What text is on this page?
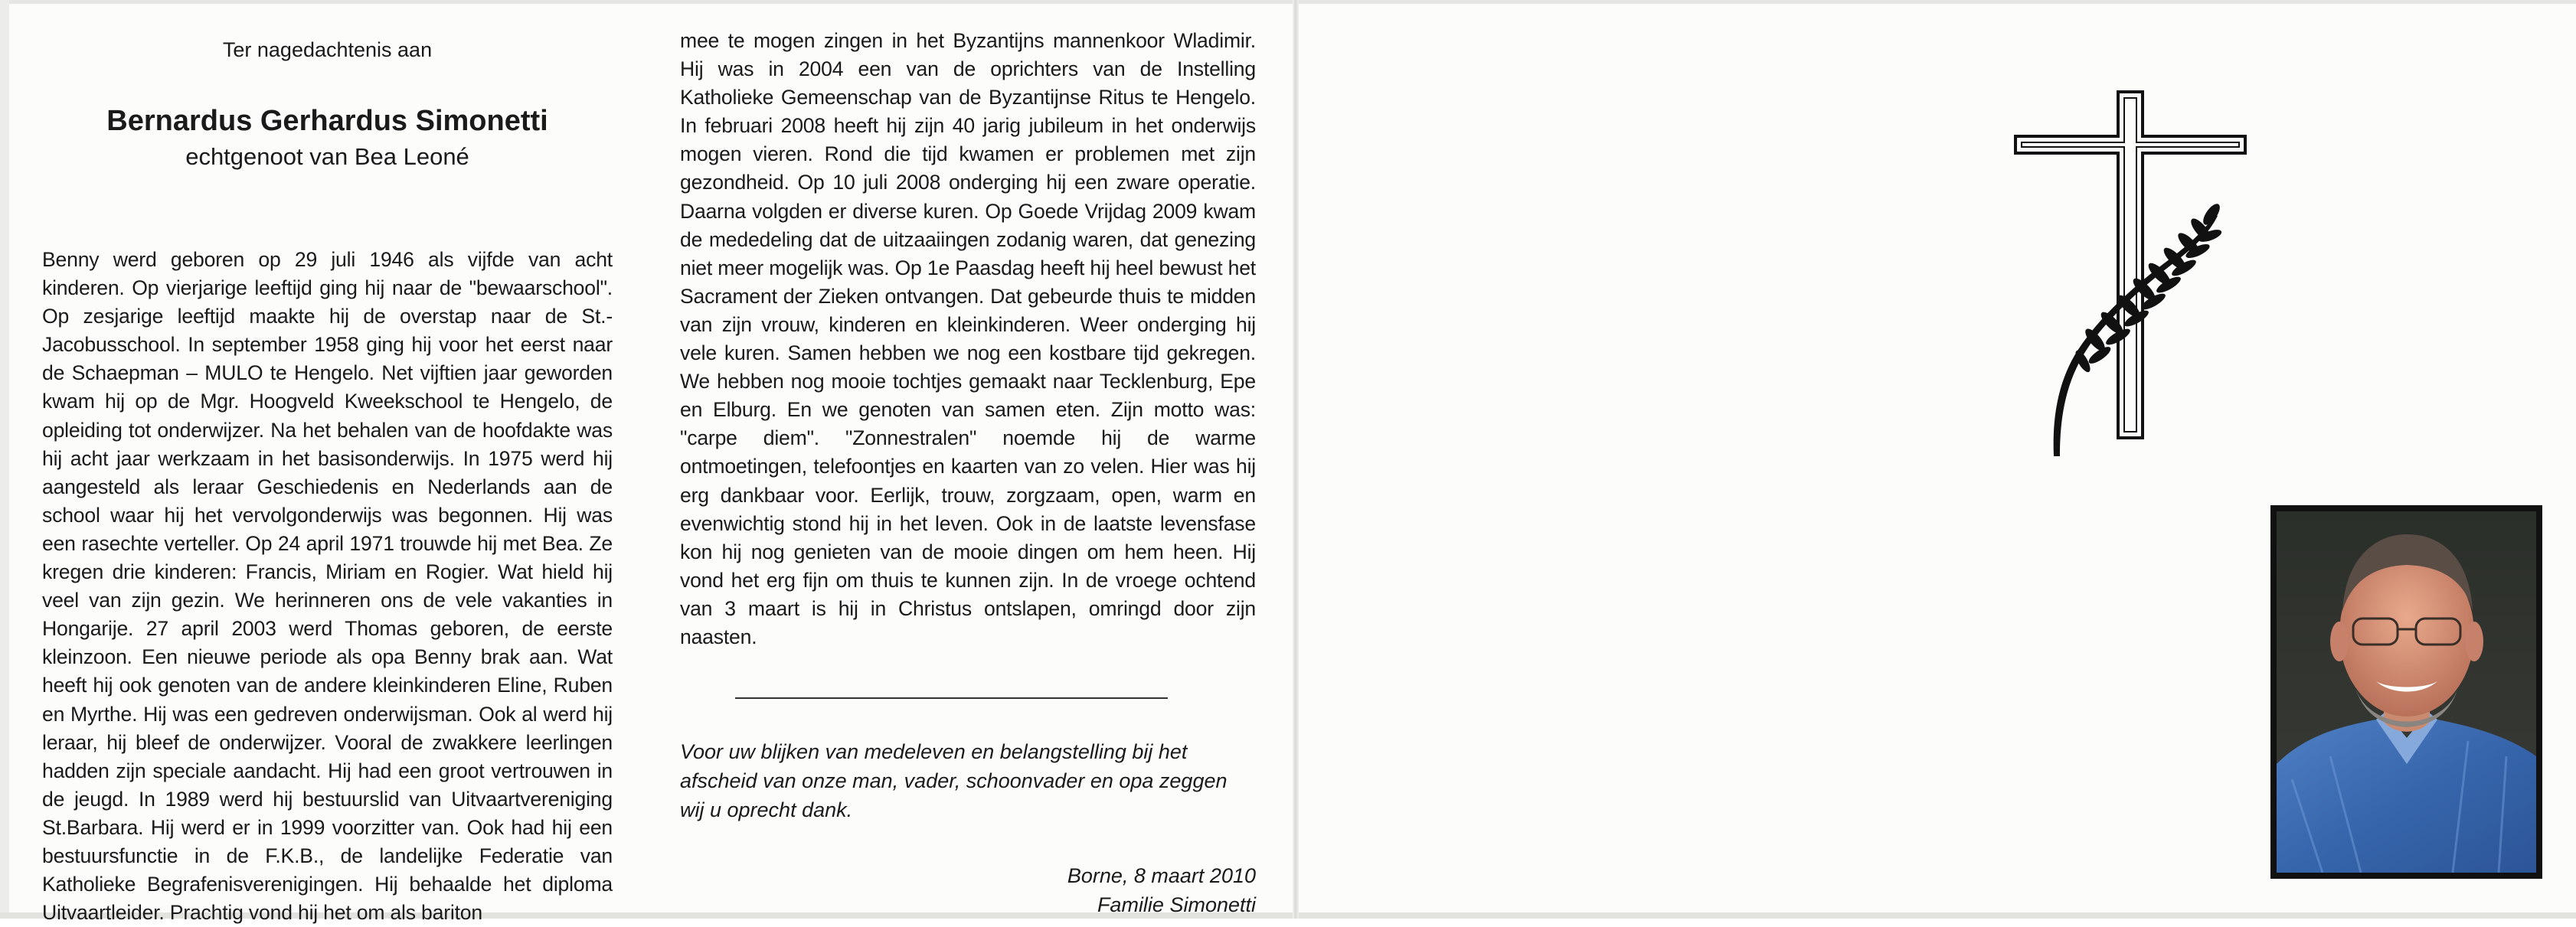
Ter nagedachtenis aan

Bernardus Gerhardus Simonetti

echtgenoot van Bea Leoné

Benny werd geboren op 29 juli 1946 als vijfde van acht kinderen. Op vierjarige leeftijd ging hij naar de "bewaarschool". Op zesjarige leeftijd maakte hij de overstap naar de St.-Jacobusschool. In september 1958 ging hij voor het eerst naar de Schaepman – MULO te Hengelo. Net vijftien jaar geworden kwam hij op de Mgr. Hoogveld Kweekschool te Hengelo, de opleiding tot onderwijzer. Na het behalen van de hoofdakte was hij acht jaar werkzaam in het basisonderwijs. In 1975 werd hij aangesteld als leraar Geschiedenis en Nederlands aan de school waar hij het vervolgonderwijs was begonnen. Hij was een rasechte verteller. Op 24 april 1971 trouwde hij met Bea. Ze kregen drie kinderen: Francis, Miriam en Rogier. Wat hield hij veel van zijn gezin. We herinneren ons de vele vakanties in Hongarije. 27 april 2003 werd Thomas geboren, de eerste kleinzoon. Een nieuwe periode als opa Benny brak aan. Wat heeft hij ook genoten van de andere kleinkinderen Eline, Ruben en Myrthe. Hij was een gedreven onderwijsman. Ook al werd hij leraar, hij bleef de onderwijzer. Vooral de zwakkere leerlingen hadden zijn speciale aandacht. Hij had een groot vertrouwen in de jeugd. In 1989 werd hij bestuurslid van Uitvaartvereniging St.Barbara. Hij werd er in 1999 voorzitter van. Ook had hij een bestuursfunctie in de F.K.B., de landelijke Federatie van Katholieke Begrafenisverenigingen. Hij behaalde het diploma Uitvaartleider. Prachtig vond hij het om als bariton

mee te mogen zingen in het Byzantijns mannenkoor Wladimir. Hij was in 2004 een van de oprichters van de Instelling Katholieke Gemeenschap van de Byzantijnse Ritus te Hengelo. In februari 2008 heeft hij zijn 40 jarig jubileum in het onderwijs mogen vieren. Rond die tijd kwamen er problemen met zijn gezondheid. Op 10 juli 2008 onderging hij een zware operatie. Daarna volgden er diverse kuren. Op Goede Vrijdag 2009 kwam de mededeling dat de uitzaaiingen zodanig waren, dat genezing niet meer mogelijk was. Op 1e Paasdag heeft hij heel bewust het Sacrament der Zieken ontvangen. Dat gebeurde thuis te midden van zijn vrouw, kinderen en kleinkinderen. Weer onderging hij vele kuren. Samen hebben we nog een kostbare tijd gekregen. We hebben nog mooie tochtjes gemaakt naar Tecklenburg, Epe en Elburg. En we genoten van samen eten. Zijn motto was: "carpe diem". "Zonnestralen" noemde hij de warme ontmoetingen, telefoontjes en kaarten van zo velen. Hier was hij erg dankbaar voor. Eerlijk, trouw, zorgzaam, open, warm en evenwichtig stond hij in het leven. Ook in de laatste levensfase kon hij nog genieten van de mooie dingen om hem heen. Hij vond het erg fijn om thuis te kunnen zijn. In de vroege ochtend van 3 maart is hij in Christus ontslapen, omringd door zijn naasten.

Voor uw blijken van medeleven en belangstelling bij het afscheid van onze man, vader, schoonvader en opa zeggen wij u oprecht dank.

Borne, 8 maart 2010
Familie Simonetti
